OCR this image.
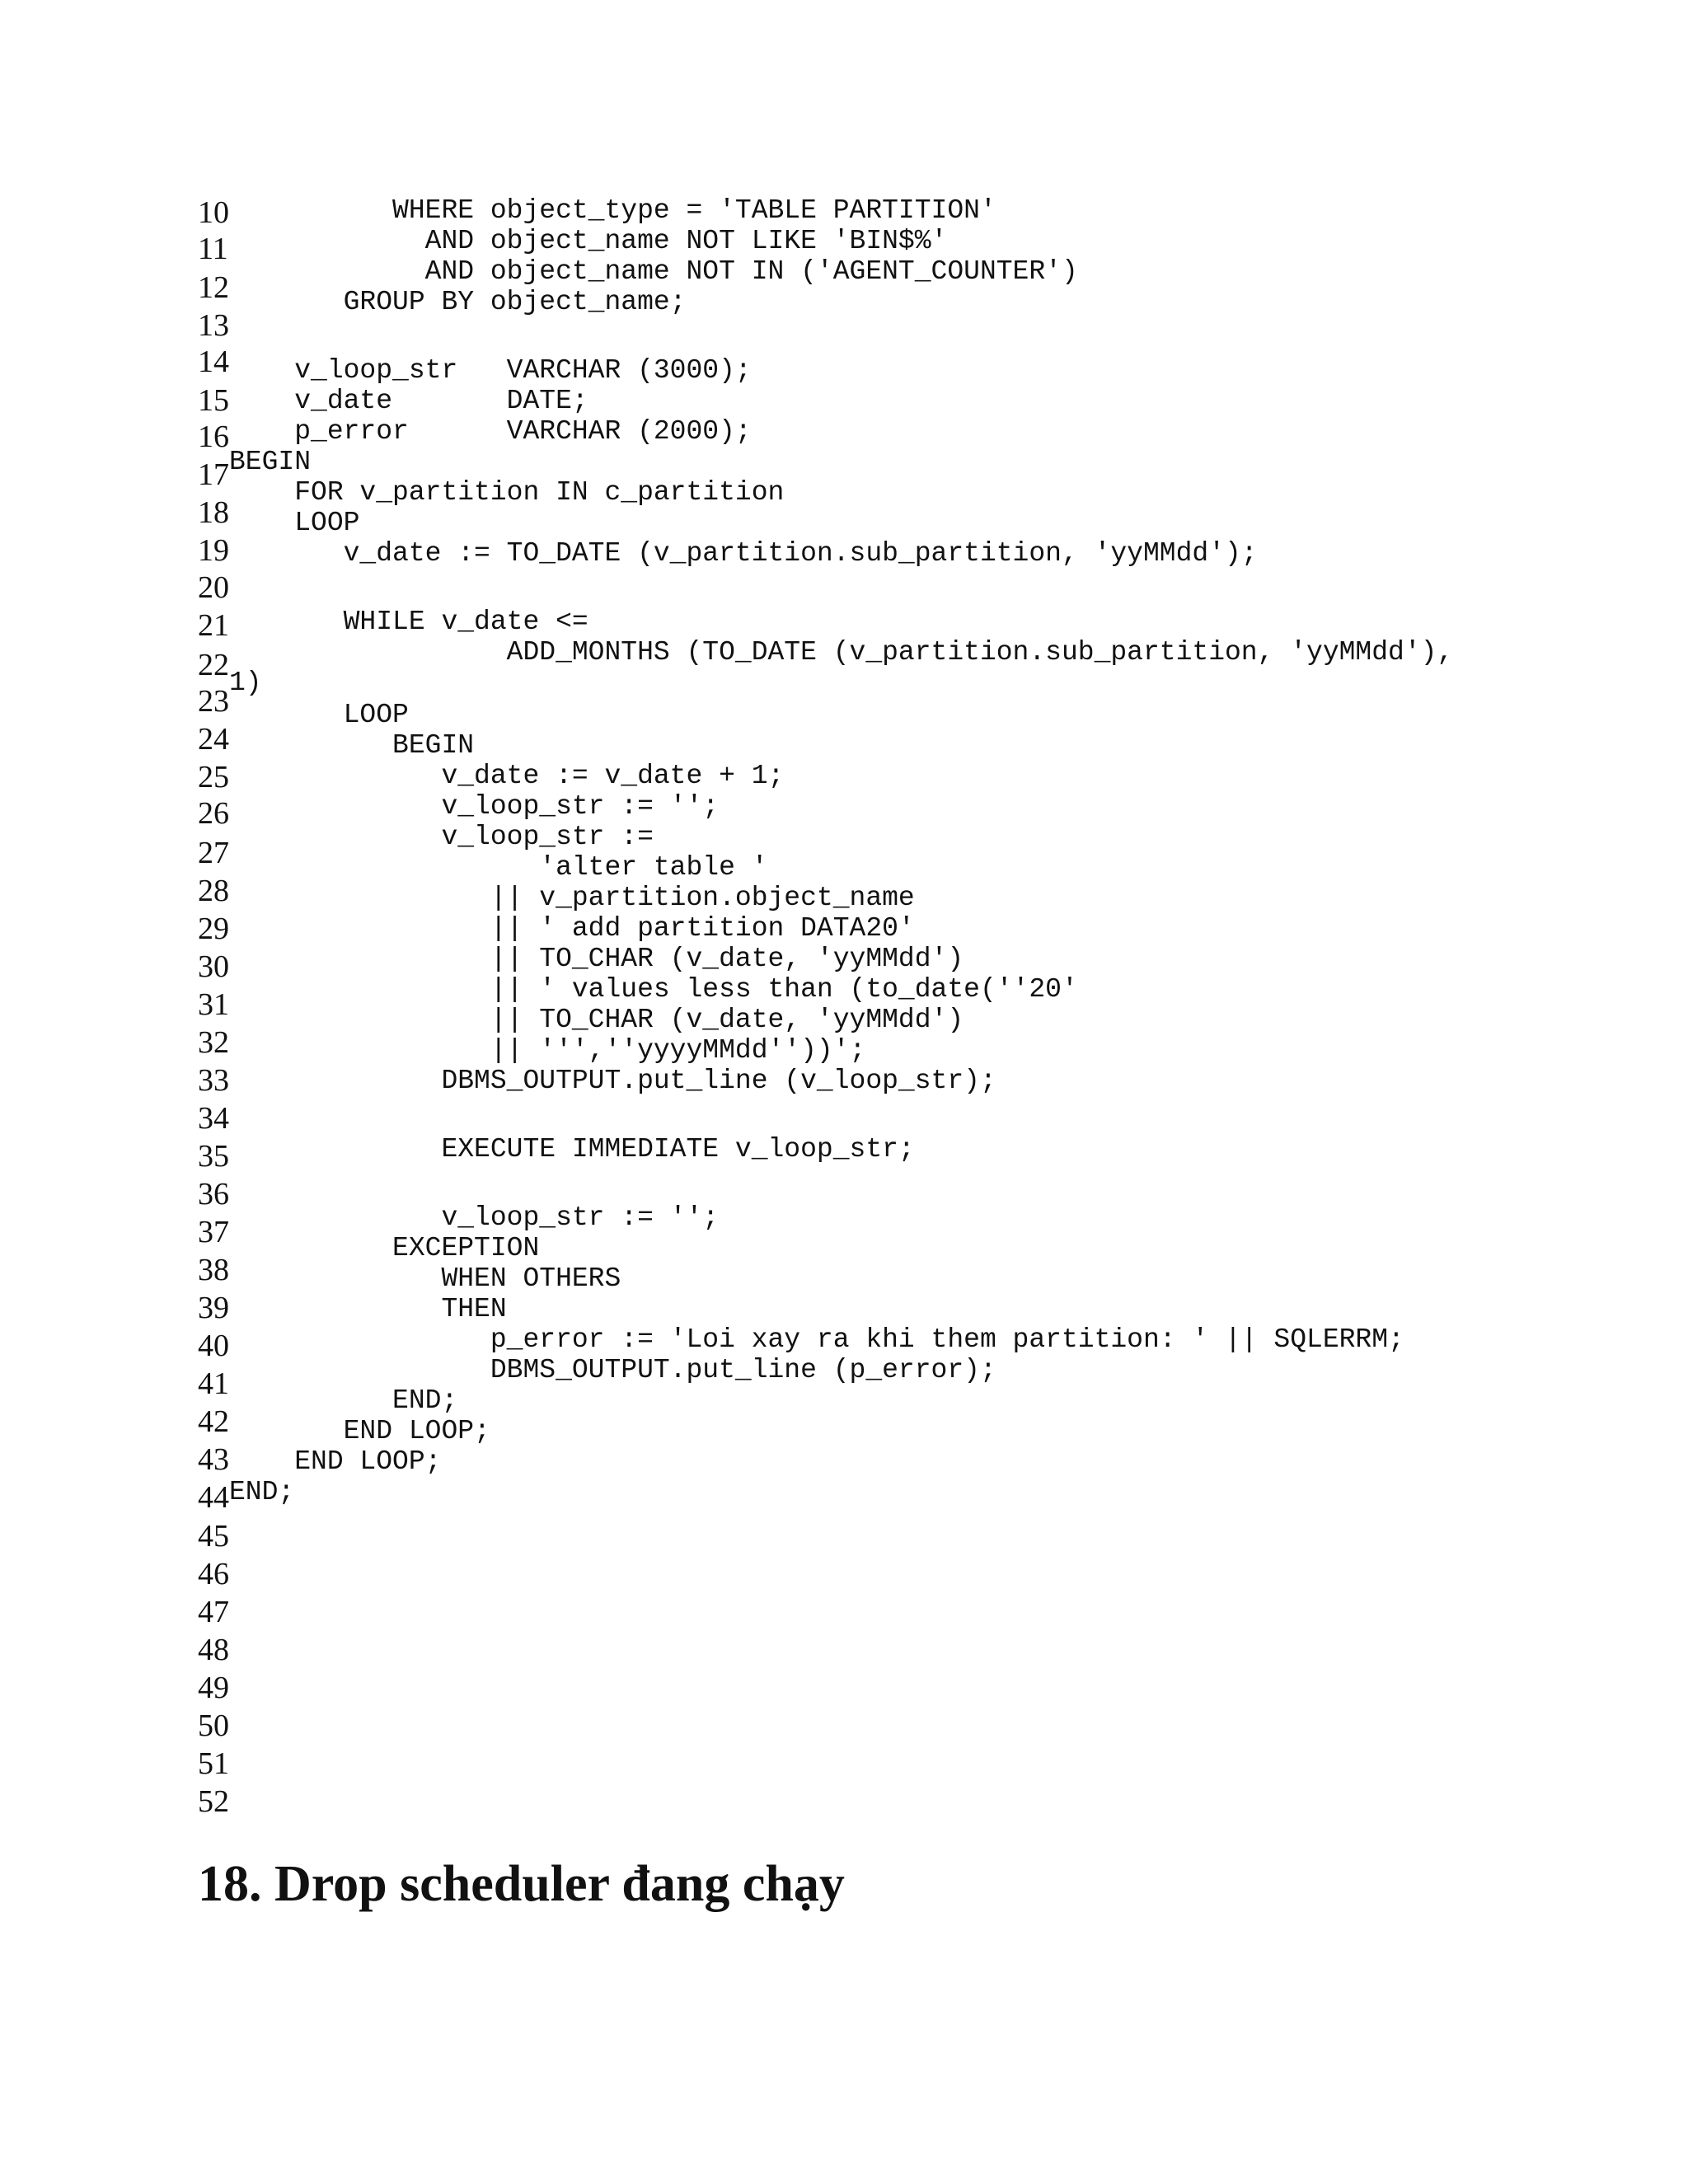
10
11
12
13
14
15
16
17
18
19
20
21
22
23
24
25
26
27
28
29
30
31
32
33
34
35
36
37
38
39
40
41
42
43
44
45
46
47
48
49
50
51
52
WHERE object_type = 'TABLE PARTITION'
AND object_name NOT LIKE 'BIN$%'
AND object_name NOT IN ('AGENT_COUNTER')
GROUP BY object_name;
v_loop_str   VARCHAR (3000);
v_date       DATE;
p_error      VARCHAR (2000);
BEGIN
FOR v_partition IN c_partition
LOOP
v_date := TO_DATE (v_partition.sub_partition, 'yyMMdd');
WHILE v_date <=
ADD_MONTHS (TO_DATE (v_partition.sub_partition, 'yyMMdd'),
1)
LOOP
BEGIN
v_date := v_date + 1;
v_loop_str := '';
v_loop_str :=
'alter table '
|| v_partition.object_name
|| ' add partition DATA20'
|| TO_CHAR (v_date, 'yyMMdd')
|| ' values less than (to_date(''20'
|| TO_CHAR (v_date, 'yyMMdd')
|| ''',''yyyyMMdd''))';
DBMS_OUTPUT.put_line (v_loop_str);
EXECUTE IMMEDIATE v_loop_str;
v_loop_str := '';
EXCEPTION
WHEN OTHERS
THEN
p_error := 'Loi xay ra khi them partition: ' || SQLERRM;
DBMS_OUTPUT.put_line (p_error);
END;
END LOOP;
END LOOP;
END;
18. Drop scheduler đang chạy
